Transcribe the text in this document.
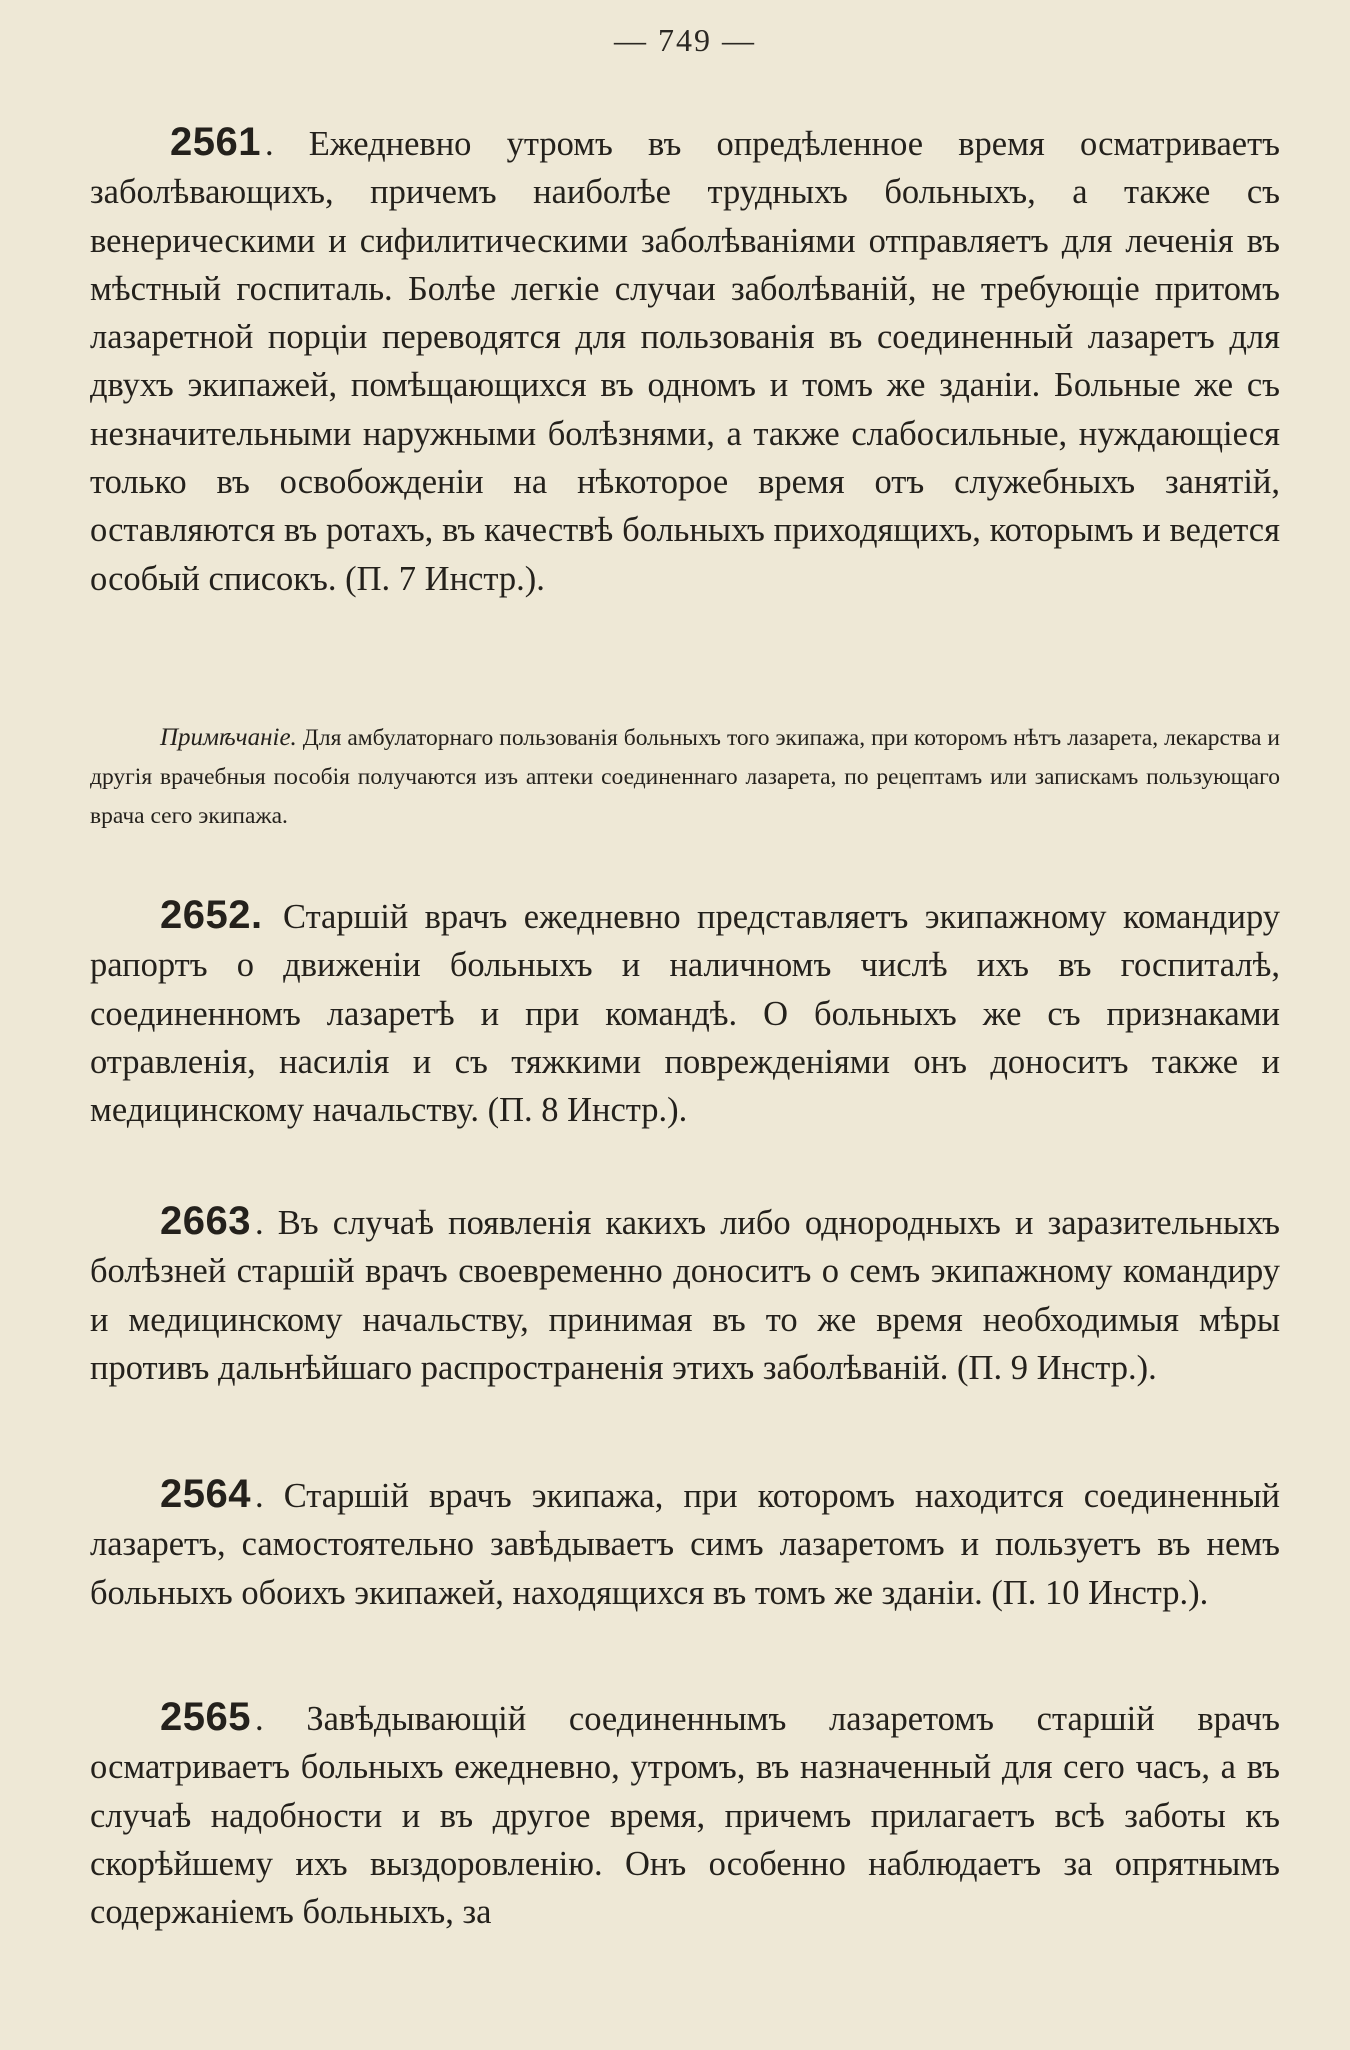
— 749 —

2561 . Ежедневно утромъ въ опредѣленное время осматриваетъ заболѣвающихъ, причемъ наиболѣе трудныхъ больныхъ, а также съ венерическими и сифилитическими заболѣваніями отправляетъ для леченія въ мѣстный госпиталь. Болѣе легкіе случаи заболѣваній, не требующіе притомъ лазаретной порціи переводятся для пользованія въ соединенный лазаретъ для двухъ экипажей, помѣщающихся въ одномъ и томъ же зданіи. Больные же съ незначительными наружными болѣзнями, а также слабосильные, нуждающіеся только въ освобожденіи на нѣкоторое время отъ служебныхъ занятій, оставляются въ ротахъ, въ качествѣ больныхъ приходящихъ, которымъ и ведется особый списокъ. (П. 7 Инстр.).

Примѣчаніе. Для амбулаторнаго пользованія больныхъ того экипажа, при которомъ нѣтъ лазарета, лекарства и другія врачебныя пособія получаются изъ аптеки соединеннаго лазарета, по рецептамъ или запискамъ пользующаго врача сего экипажа.

2652. Старшій врачъ ежедневно представляетъ экипажному командиру рапортъ о движеніи больныхъ и наличномъ числѣ ихъ въ госпиталѣ, соединенномъ лазаретѣ и при командѣ. О больныхъ же съ признаками отравленія, насилія и съ тяжкими поврежденіями онъ доноситъ также и медицинскому начальству. (П. 8 Инстр.).

2663 . Въ случаѣ появленія какихъ либо однородныхъ и заразительныхъ болѣзней старшій врачъ своевременно доноситъ о семъ экипажному командиру и медицинскому начальству, принимая въ то же время необходимыя мѣры противъ дальнѣйшаго распространенія этихъ заболѣваній. (П. 9 Инстр.).

2564 . Старшій врачъ экипажа, при которомъ находится соединенный лазаретъ, самостоятельно завѣдываетъ симъ лазаретомъ и пользуетъ въ немъ больныхъ обоихъ экипажей, находящихся въ томъ же зданіи. (П. 10 Инстр.).

2565 . Завѣдывающій соединеннымъ лазаретомъ старшій врачъ осматриваетъ больныхъ ежедневно, утромъ, въ назначенный для сего часъ, а въ случаѣ надобности и въ другое время, причемъ прилагаетъ всѣ заботы къ скорѣйшему ихъ выздоровленію. Онъ особенно наблюдаетъ за опрятнымъ содержаніемъ больныхъ, за
